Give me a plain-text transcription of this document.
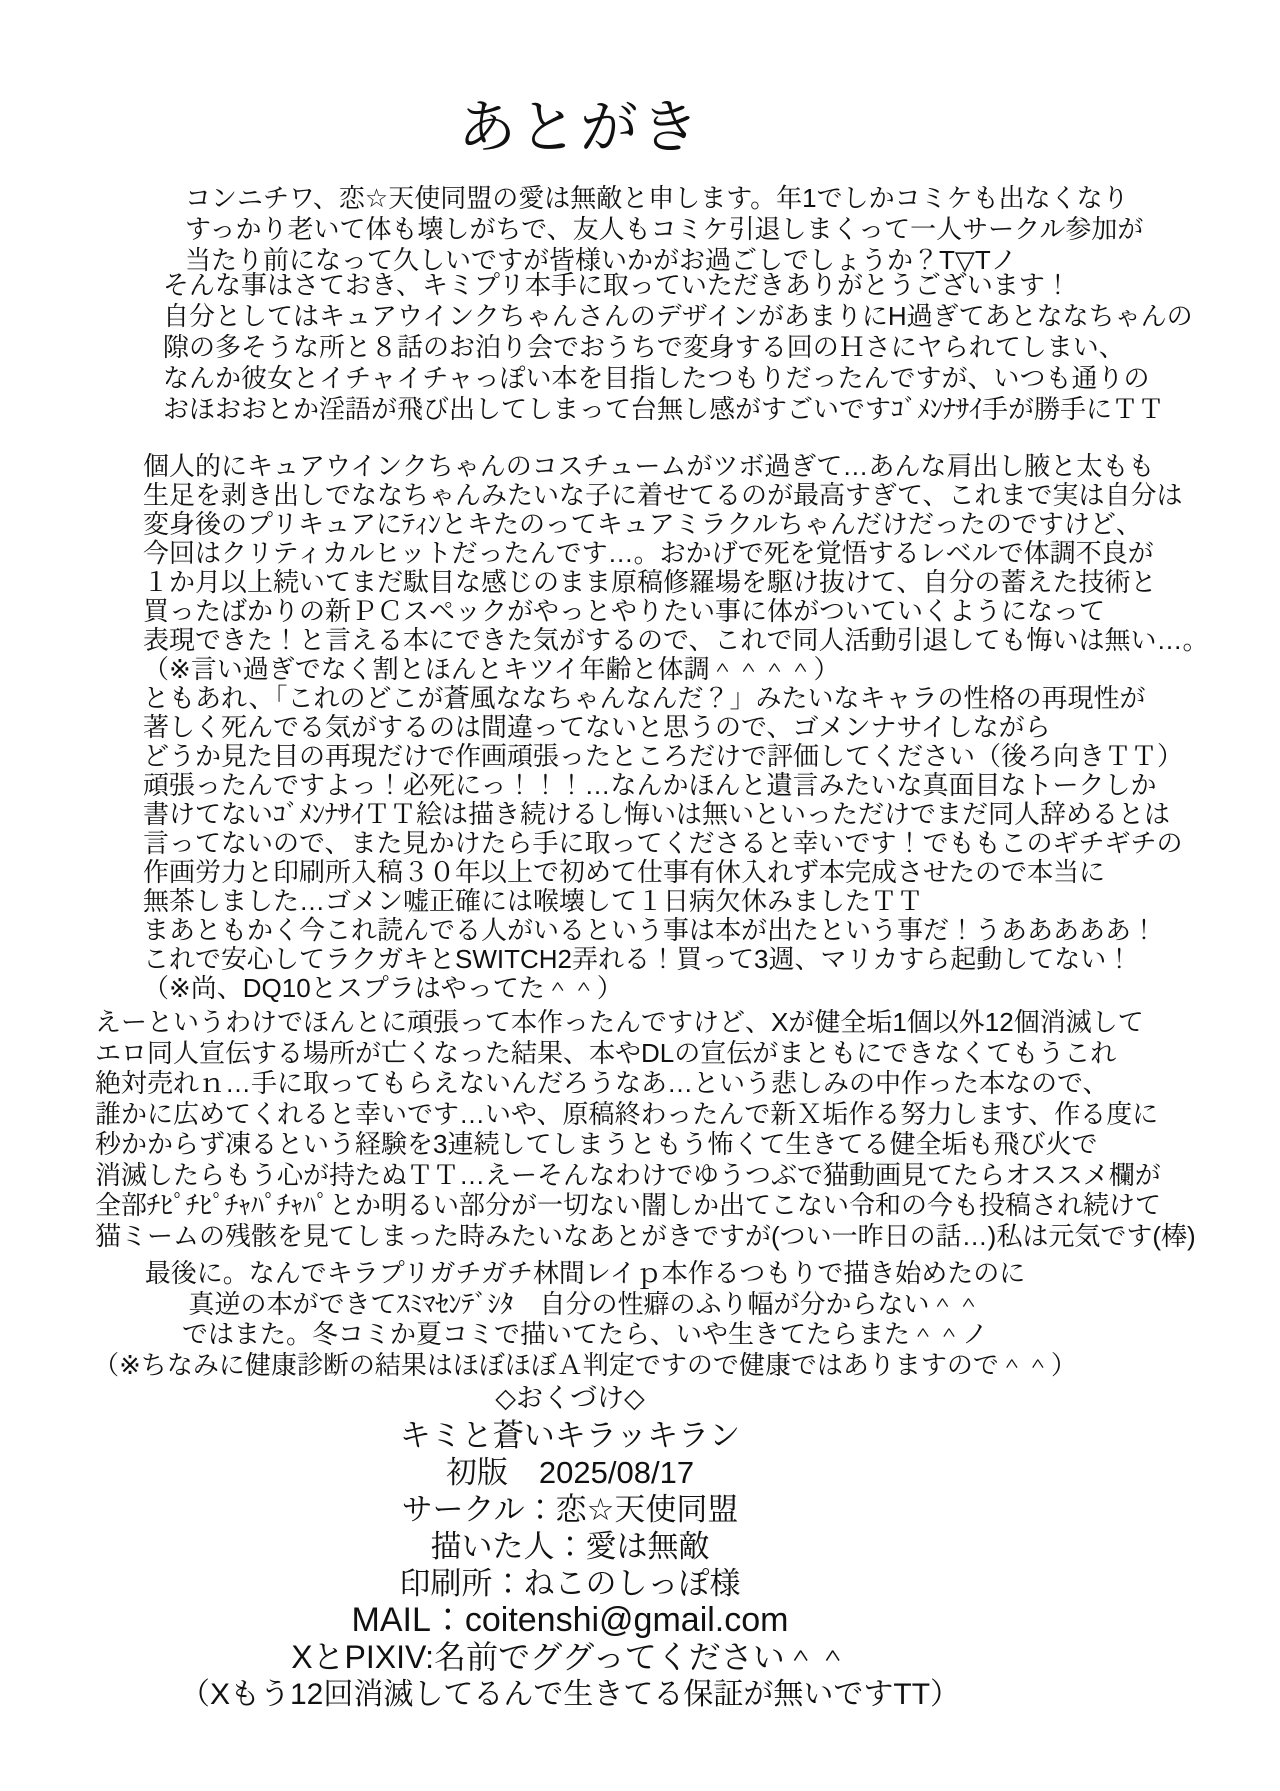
あとがき
コンニチワ、恋☆天使同盟の愛は無敵と申します。年1でしかコミケも出なくなり
すっかり老いて体も壊しがちで、友人もコミケ引退しまくって一人サークル参加が
当たり前になって久しいですが皆様いかがお過ごしでしょうか？T▽Tノ
そんな事はさておき、キミプリ本手に取っていただきありがとうございます！
自分としてはキュアウインクちゃんさんのデザインがあまりにH過ぎてあとななちゃんの
隙の多そうな所と８話のお泊り会でおうちで変身する回のＨさにヤられてしまい、
なんか彼女とイチャイチャっぽい本を目指したつもりだったんですが、いつも通りの
おほおおとか淫語が飛び出してしまって台無し感がすごいですｺﾞﾒﾝﾅｻｲ手が勝手にＴＴ
個人的にキュアウインクちゃんのコスチュームがツボ過ぎて…あんな肩出し腋と太もも
生足を剥き出しでななちゃんみたいな子に着せてるのが最高すぎて、これまで実は自分は
変身後のプリキュアにﾃｨﾝとキたのってキュアミラクルちゃんだけだったのですけど、
今回はクリティカルヒットだったんです…。おかげで死を覚悟するレベルで体調不良が
１か月以上続いてまだ駄目な感じのまま原稿修羅場を駆け抜けて、自分の蓄えた技術と
買ったばかりの新ＰＣスペックがやっとやりたい事に体がついていくようになって
表現できた！と言える本にできた気がするので、これで同人活動引退しても悔いは無い…。
（※言い過ぎでなく割とほんとキツイ年齢と体調＾＾＾＾）
ともあれ、「これのどこが蒼風ななちゃんなんだ？」みたいなキャラの性格の再現性が
著しく死んでる気がするのは間違ってないと思うので、ゴメンナサイしながら
どうか見た目の再現だけで作画頑張ったところだけで評価してください（後ろ向きＴＴ）
頑張ったんですよっ！必死にっ！！！…なんかほんと遺言みたいな真面目なトークしか
書けてないｺﾞﾒﾝﾅｻｲＴＴ絵は描き続けるし悔いは無いといっただけでまだ同人辞めるとは
言ってないので、また見かけたら手に取ってくださると幸いです！でももこのギチギチの
作画労力と印刷所入稿３０年以上で初めて仕事有休入れず本完成させたので本当に
無茶しました…ゴメン嘘正確には喉壊して１日病欠休みましたＴＴ
まあともかく今これ読んでる人がいるという事は本が出たという事だ！うあああああ！
これで安心してラクガキとSWITCH2弄れる！買って3週、マリカすら起動してない！
（※尚、DQ10とスプラはやってた＾＾）
えーというわけでほんとに頑張って本作ったんですけど、Xが健全垢1個以外12個消滅して
エロ同人宣伝する場所が亡くなった結果、本やDLの宣伝がまともにできなくてもうこれ
絶対売れｎ…手に取ってもらえないんだろうなあ…という悲しみの中作った本なので、
誰かに広めてくれると幸いです…いや、原稿終わったんで新Ｘ垢作る努力します、作る度に
秒かからず凍るという経験を3連続してしまうともう怖くて生きてる健全垢も飛び火で
消滅したらもう心が持たぬＴＴ…えーそんなわけでゆうつぶで猫動画見てたらオススメ欄が
全部ﾁﾋﾟﾁﾋﾟﾁｬﾊﾟﾁｬﾊﾟとか明るい部分が一切ない闇しか出てこない令和の今も投稿され続けて
猫ミームの残骸を見てしまった時みたいなあとがきですが(つい一昨日の話…)私は元気です(棒)
最後に。なんでキラプリガチガチ林間レイｐ本作るつもりで描き始めたのに
真逆の本ができてｽﾐﾏｾﾝﾃﾞｼﾀ　自分の性癖のふり幅が分からない＾＾
ではまた。冬コミか夏コミで描いてたら、いや生きてたらまた＾＾ノ
（※ちなみに健康診断の結果はほぼほぼＡ判定ですので健康ではありますので＾＾）
◇おくづけ◇
キミと蒼いキラッキラン
初版　2025/08/17
サークル：恋☆天使同盟
描いた人：愛は無敵
印刷所：ねこのしっぽ様
MAIL：coitenshi@gmail.com
XとPIXIV:名前でググってください＾＾
（Xもう12回消滅してるんで生きてる保証が無いですTT）
